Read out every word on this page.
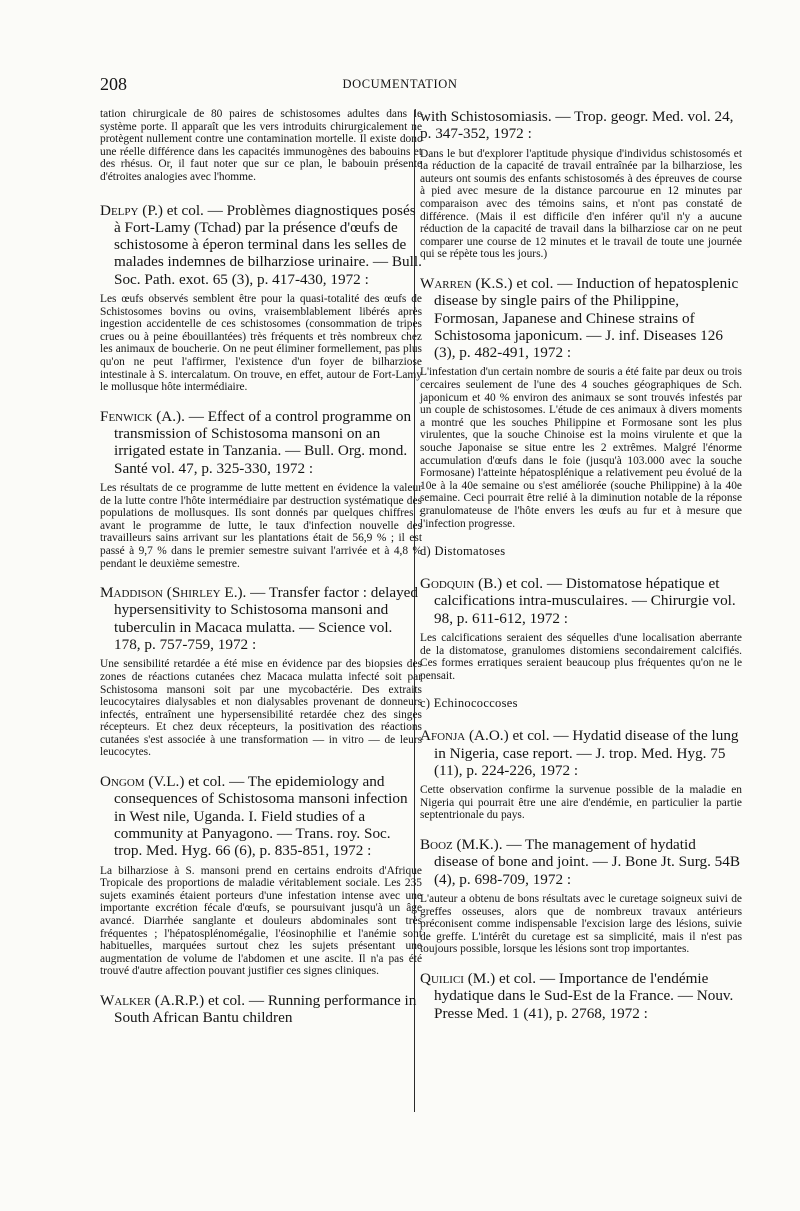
208	DOCUMENTATION

tation chirurgicale de 80 paires de schistosomes adultes dans le système porte. Il apparaît que les vers introduits chirurgicalement ne protègent nullement contre une contamination mortelle. Il existe donc une réelle différence dans les capacités immunogènes des babouins et des rhésus. Or, il faut noter que sur ce plan, le babouin présente d'étroites analogies avec l'homme.

Delpy (P.) et col. — Problèmes diagnostiques posés à Fort-Lamy (Tchad) par la présence d'œufs de schistosome à éperon terminal dans les selles de malades indemnes de bilharziose urinaire. — Bull. Soc. Path. exot. 65 (3), p. 417-430, 1972 :

Les œufs observés semblent être pour la quasi-totalité des œufs de Schistosomes bovins ou ovins, vraisemblablement libérés après ingestion accidentelle de ces schistosomes (consommation de tripes crues ou à peine ébouillantées) très fréquents et très nombreux chez les animaux de boucherie. On ne peut éliminer formellement, pas plus qu'on ne peut l'affirmer, l'existence d'un foyer de bilharziose intestinale à S. intercalatum. On trouve, en effet, autour de Fort-Lamy le mollusque hôte intermédiaire.

Fenwick (A.). — Effect of a control programme on transmission of Schistosoma mansoni on an irrigated estate in Tanzania. — Bull. Org. mond. Santé vol. 47, p. 325-330, 1972 :

Les résultats de ce programme de lutte mettent en évidence la valeur de la lutte contre l'hôte intermédiaire par destruction systématique des populations de mollusques. Ils sont donnés par quelques chiffres : avant le programme de lutte, le taux d'infection nouvelle des travailleurs sains arrivant sur les plantations était de 56,9 % ; il est passé à 9,7 % dans le premier semestre suivant l'arrivée et à 4,8 % pendant le deuxième semestre.

Maddison (Shirley E.). — Transfer factor : delayed hypersensitivity to Schistosoma mansoni and tuberculin in Macaca mulatta. — Science vol. 178, p. 757-759, 1972 :

Une sensibilité retardée a été mise en évidence par des biopsies des zones de réactions cutanées chez Macaca mulatta infecté soit par Schistosoma mansoni soit par une mycobactérie. Des extraits leucocytaires dialysables et non dialysables provenant de donneurs infectés, entraînent une hypersensibilité retardée chez des singes récepteurs. Et chez deux récepteurs, la positivation des réactions cutanées s'est associée à une transformation — in vitro — de leurs leucocytes.

Ongom (V.L.) et col. — The epidemiology and consequences of Schistosoma mansoni infection in West nile, Uganda. I. Field studies of a community at Panyagono. — Trans. roy. Soc. trop. Med. Hyg. 66 (6), p. 835-851, 1972 :

La bilharziose à S. mansoni prend en certains endroits d'Afrique Tropicale des proportions de maladie véritablement sociale. Les 235 sujets examinés étaient porteurs d'une infestation intense avec une importante excrétion fécale d'œufs, se poursuivant jusqu'à un âge avancé. Diarrhée sanglante et douleurs abdominales sont très fréquentes ; l'hépatosplénomégalie, l'éosinophilie et l'anémie sont habituelles, marquées surtout chez les sujets présentant une augmentation de volume de l'abdomen et une ascite. Il n'a pas été trouvé d'autre affection pouvant justifier ces signes cliniques.

Walker (A.R.P.) et col. — Running performance in South African Bantu children

with Schistosomiasis. — Trop. geogr. Med. vol. 24, p. 347-352, 1972 :

Dans le but d'explorer l'aptitude physique d'individus schistosomés et la réduction de la capacité de travail entraînée par la bilharziose, les auteurs ont soumis des enfants schistosomés à des épreuves de course à pied avec mesure de la distance parcourue en 12 minutes par comparaison avec des témoins sains, et n'ont pas constaté de différence. (Mais il est difficile d'en inférer qu'il n'y a aucune réduction de la capacité de travail dans la bilharziose car on ne peut comparer une course de 12 minutes et le travail de toute une journée qui se répète tous les jours.)

Warren (K.S.) et col. — Induction of hepatosplenic disease by single pairs of the Philippine, Formosan, Japanese and Chinese strains of Schistosoma japonicum. — J. inf. Diseases 126 (3), p. 482-491, 1972 :

L'infestation d'un certain nombre de souris a été faite par deux ou trois cercaires seulement de l'une des 4 souches géographiques de Sch. japonicum et 40 % environ des animaux se sont trouvés infestés par un couple de schistosomes. L'étude de ces animaux à divers moments a montré que les souches Philippine et Formosane sont les plus virulentes, que la souche Chinoise est la moins virulente et que la souche Japonaise se situe entre les 2 extrêmes. Malgré l'énorme accumulation d'œufs dans le foie (jusqu'à 103.000 avec la souche Formosane) l'atteinte hépatosplénique a relativement peu évolué de la 10e à la 40e semaine ou s'est améliorée (souche Philippine) à la 40e semaine. Ceci pourrait être relié à la diminution notable de la réponse granulomateuse de l'hôte envers les œufs au fur et à mesure que l'infection progresse.

d) Distomatoses

Godquin (B.) et col. — Distomatose hépatique et calcifications intra-musculaires. — Chirurgie vol. 98, p. 611-612, 1972 :

Les calcifications seraient des séquelles d'une localisation aberrante de la distomatose, granulomes distomiens secondairement calcifiés. Ces formes erratiques seraient beaucoup plus fréquentes qu'on ne le pensait.

c) Echinococcoses

Afonja (A.O.) et col. — Hydatid disease of the lung in Nigeria, case report. — J. trop. Med. Hyg. 75 (11), p. 224-226, 1972 :

Cette observation confirme la survenue possible de la maladie en Nigeria qui pourrait être une aire d'endémie, en particulier la partie septentrionale du pays.

Booz (M.K.). — The management of hydatid disease of bone and joint. — J. Bone Jt. Surg. 54B (4), p. 698-709, 1972 :

L'auteur a obtenu de bons résultats avec le curetage soigneux suivi de greffes osseuses, alors que de nombreux travaux antérieurs préconisent comme indispensable l'excision large des lésions, suivie de greffe. L'intérêt du curetage est sa simplicité, mais il n'est pas toujours possible, lorsque les lésions sont trop importantes.

Quilici (M.) et col. — Importance de l'endémie hydatique dans le Sud-Est de la France. — Nouv. Presse Med. 1 (41), p. 2768, 1972 :
